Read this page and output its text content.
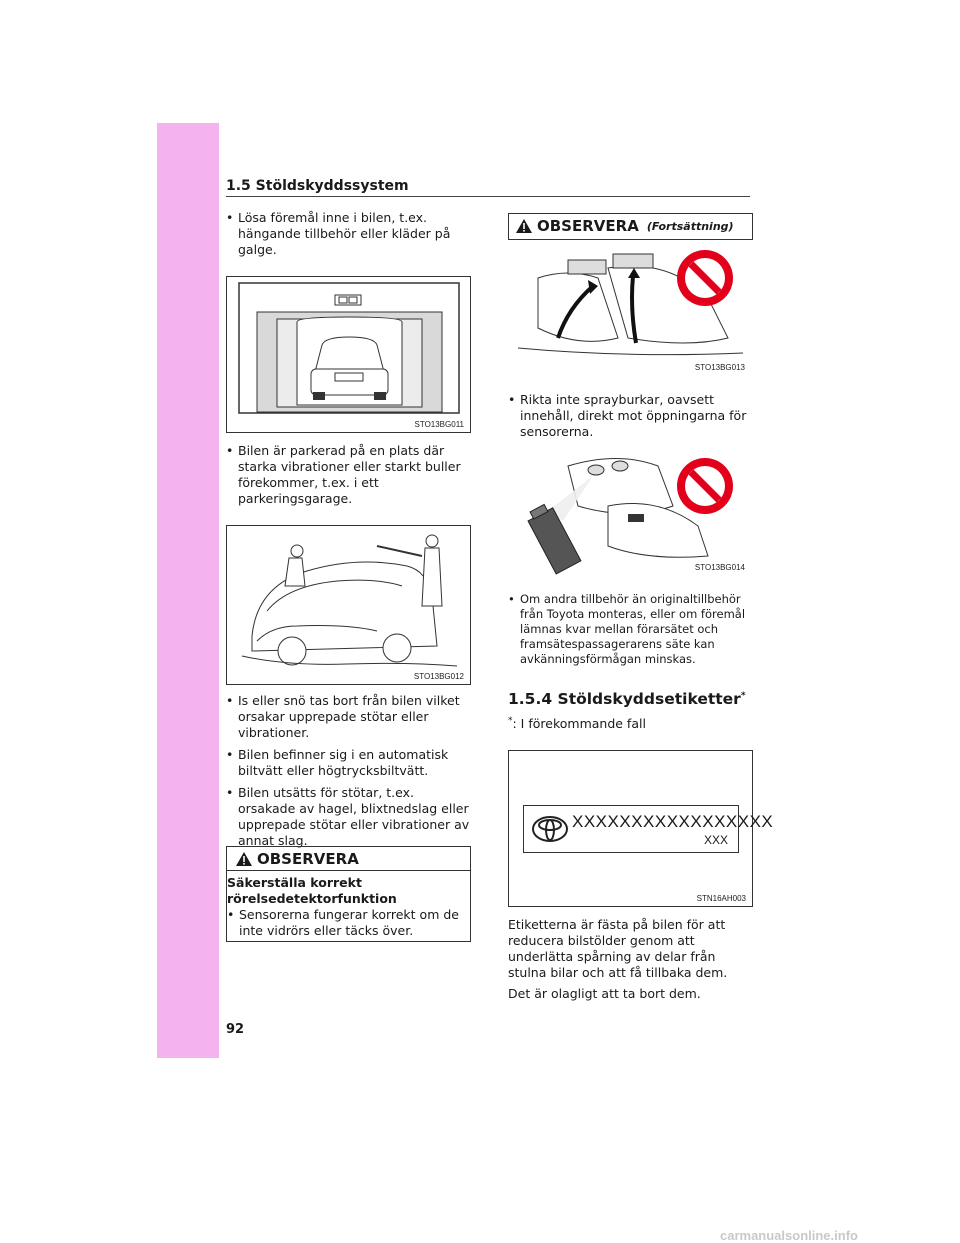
1.5 Stöldskyddssystem

• Lösa föremål inne i bilen, t.ex. hängande tillbehör eller kläder på galge.

STO13BG011

• Bilen är parkerad på en plats där starka vibrationer eller starkt buller förekommer, t.ex. i ett parkeringsgarage.

STO13BG012

• Is eller snö tas bort från bilen vilket orsakar upprepade stötar eller vibrationer.

• Bilen befinner sig i en automatisk biltvätt eller högtrycksbiltvätt.

• Bilen utsätts för stötar, t.ex. orsakade av hagel, blixtnedslag eller upprepade stötar eller vibrationer av annat slag.

OBSERVERA
Säkerställa korrekt rörelsedetektorfunktion

• Sensorerna fungerar korrekt om de inte vidrörs eller täcks över.

OBSERVERA (Fortsättning)
STO13BG013

• Rikta inte sprayburkar, oavsett innehåll, direkt mot öppningarna för sensorerna.

STO13BG014

• Om andra tillbehör än originaltillbehör från Toyota monteras, eller om föremål lämnas kvar mellan förarsätet och framsätespassagerarens säte kan avkänningsförmågan minskas.

1.5.4 Stöldskyddsetiketter*
*: I förekommande fall
XXXXXXXXXXXXXXXXX
XXX
STN16AH003
Etiketterna är fästa på bilen för att reducera bilstölder genom att underlätta spårning av delar från stulna bilar och att få tillbaka dem.
Det är olagligt att ta bort dem.
92
carmanualsonline.info
